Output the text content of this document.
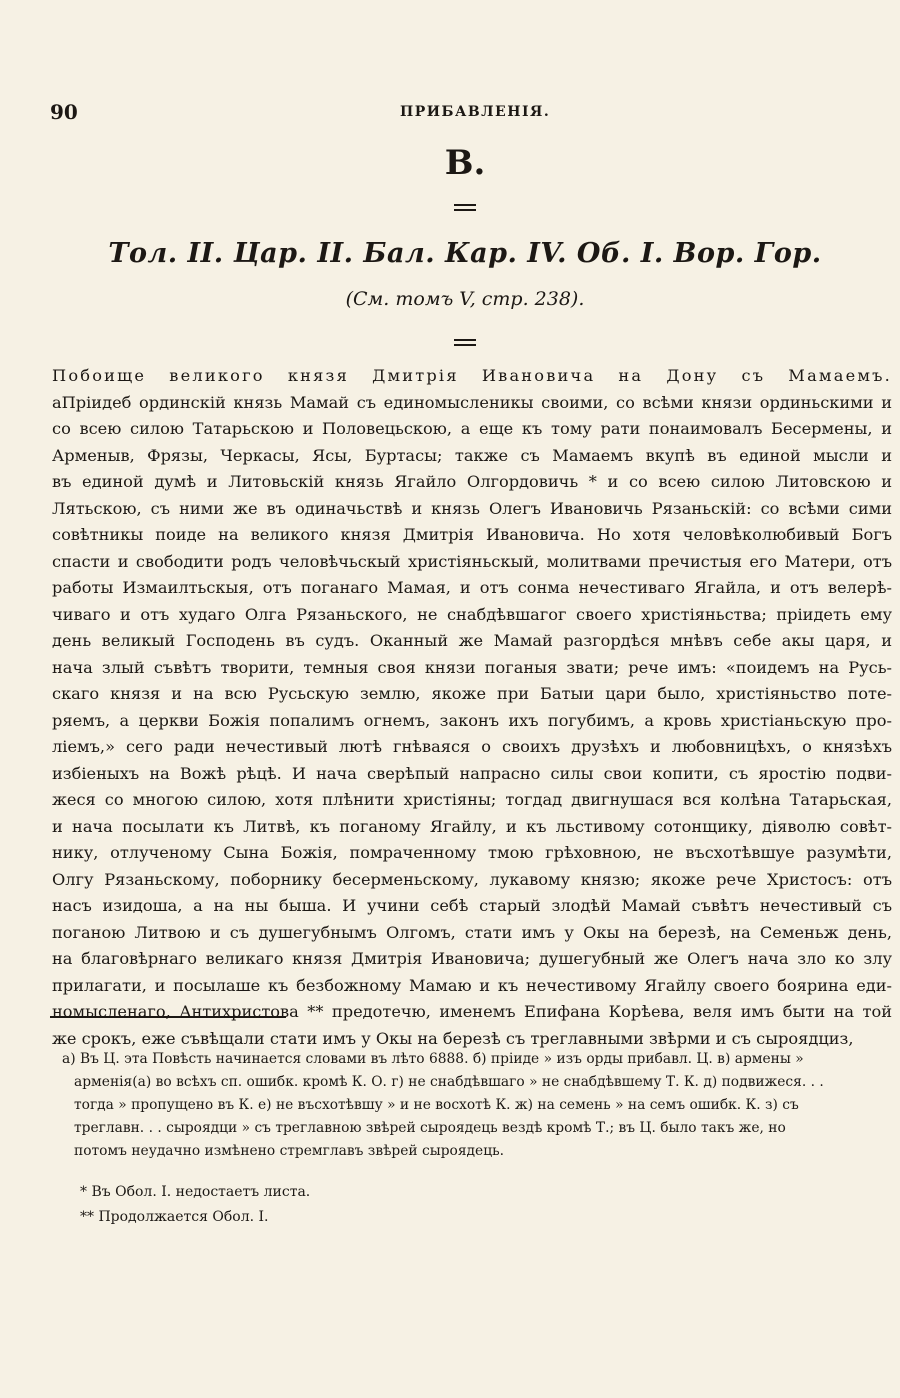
90	ПРИБАВЛЕНІЯ.
В.
Тол. II. Цар. II. Бал. Кар. IV. Об. I. Вор. Гор.
(См. томъ V, стр. 238).
Побоище великого князя Дмитрія Ивановича на Дону съ Мамаемъ.
аПріидеб ординскій князь Мамай съ единомысленикы своими, со всѣми князи ординьскими и
со всею силою Татарьскою и Половецьскою, а еще къ тому рати понаимовалъ Бесермены, и
Арменыв, Фрязы, Черкасы, Ясы, Буртасы; также съ Мамаемъ вкупѣ въ единой мысли и
въ единой думѣ и Литовьскій князь Ягайло Олгордовичь * и со всею силою Литовскою и
Лятьскою, съ ними же въ одиначьствѣ и князь Олегъ Ивановичь Рязаньскій: со всѣми сими
совѣтникы поиде на великого князя Дмитрія Ивановича. Но хотя человѣколюбивый Богъ
спасти и свободити родъ человѣчьскый христіяньскый, молитвами пречистыя его Матери, отъ
работы Измаилтьскыя, отъ поганаго Мамая, и отъ сонма нечестиваго Ягайла, и отъ велерѣ-
чиваго и отъ худаго Олга Рязаньского, не снабдѣвшагог своего христіяньства; пріидеть ему
день великый Господень въ судъ. Оканный же Мамай разгордѣся мнѣвъ себе акы царя, и
нача злый съвѣтъ творити, темныя своя князи поганыя звати; рече имъ: «поидемъ на Русь-
скаго князя и на всю Русьскую землю, якоже при Батыи цари было, христіяньство поте-
ряемъ, а церкви Божія попалимъ огнемъ, законъ ихъ погубимъ, а кровь христіаньскую про-
ліемъ,» сего ради нечестивый лютѣ гнѣваяся о своихъ друзѣхъ и любовницѣхъ, о князѣхъ
избіеныхъ на Вожѣ рѣцѣ. И нача сверѣпый напрасно силы свои копити, съ яростію подви-
жеся со многою силою, хотя плѣнити христіяны; тогдад двигнушася вся колѣна Татарьская,
и нача посылати къ Литвѣ, къ поганому Ягайлу, и къ льстивому сотонщику, діяволю совѣт-
нику, отлученому Сына Божія, помраченному тмою грѣховною, не въсхотѣвшуе разумѣти,
Олгу Рязаньскому, поборнику бесерменьскому, лукавому князю; якоже рече Христосъ: отъ
насъ изидоша, а на ны быша. И учини себѣ старый злодѣй Мамай съвѣтъ нечестивый съ
поганою Литвою и съ душегубнымъ Олгомъ, стати имъ у Окы на березѣ, на Семеньж день,
на благовѣрнаго великаго князя Дмитрія Ивановича; душегубный же Олегъ нача зло ко злу
прилагати, и посылаше къ безбожному Мамаю и къ нечестивому Ягайлу своего боярина еди-
номысленаго, Антихристова ** предотечю, именемъ Епифана Корѣева, веля имъ быти на той
же срокъ, еже съвѣщали стати имъ у Окы на березѣ съ треглавными звѣрми и съ сыроядциз,
а) Въ Ц. эта Повѣсть начинается словами въ лѣто 6888. б) пріиде » изъ орды прибавл. Ц. в) армены »
арменія(а) во всѣхъ сп. ошибк. кромѣ К. О. г) не снабдѣвшаго » не снабдѣвшему Т. К. д) подвижеся. . .
тогда » пропущено въ К. е) не въсхотѣвшу » и не восхотѣ К. ж) на семень » на семъ ошибк. К. з) съ
треглавн. . . сыроядци » съ треглавною звѣрей сыроядець вездѣ кромѣ Т.; въ Ц. было такъ же, но
потомъ неудачно измѣнено стремглавъ звѣрей сыроядець.
* Въ Обол. I. недостаетъ листа.
** Продолжается Обол. I.
